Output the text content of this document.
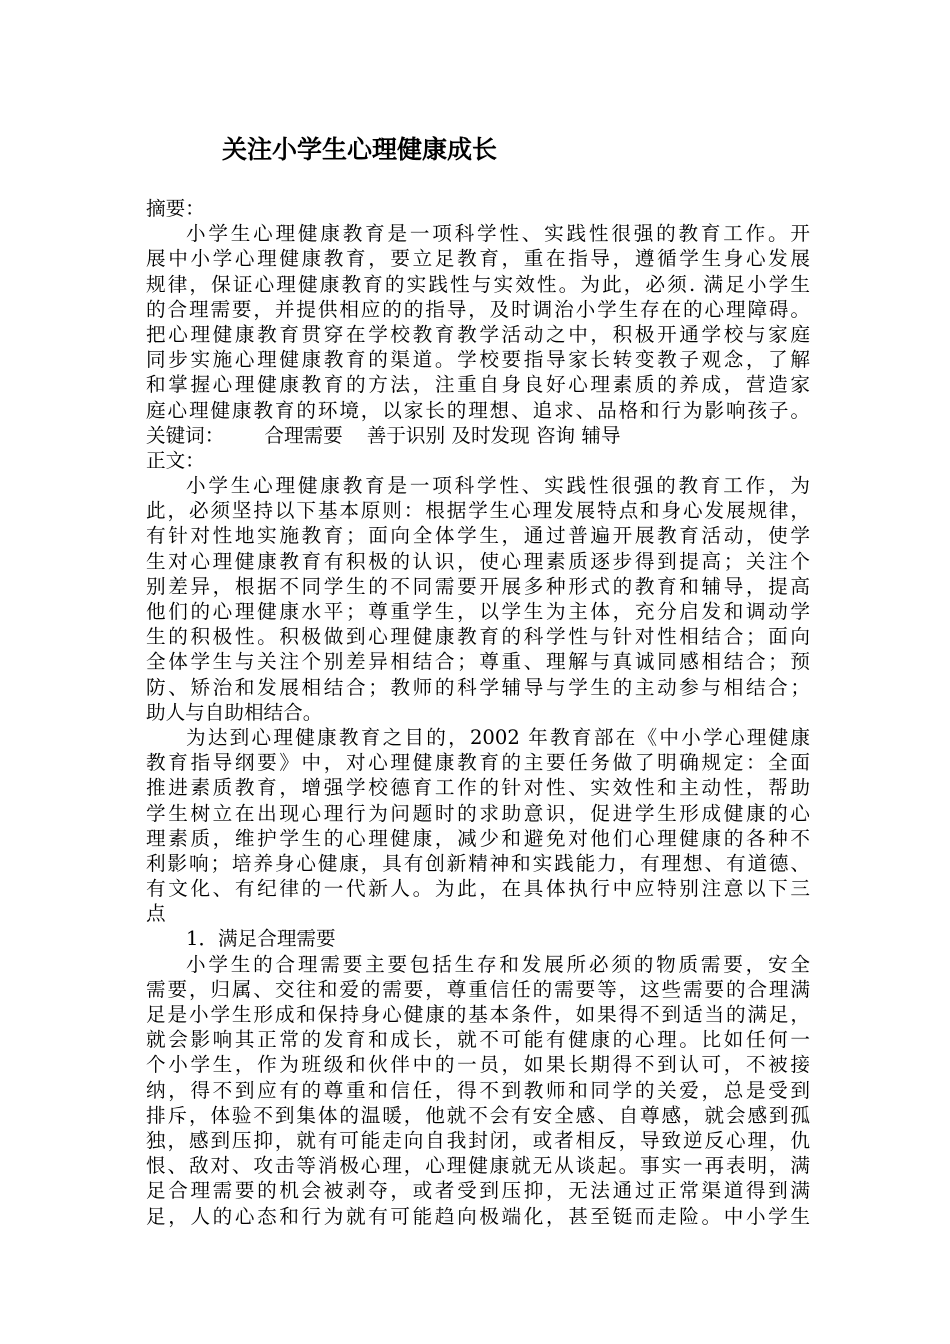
关注小学生心理健康成长
摘要：
小学生心理健康教育是一项科学性、实践性很强的教育工作。开
展中小学心理健康教育，要立足教育，重在指导，遵循学生身心发展
规律，保证心理健康教育的实践性与实效性。为此，必须. 满足小学生
的合理需要，并提供相应的的指导，及时调治小学生存在的心理障碍。
把心理健康教育贯穿在学校教育教学活动之中，积极开通学校与家庭
同步实施心理健康教育的渠道。学校要指导家长转变教子观念，了解
和掌握心理健康教育的方法，注重自身良好心理素质的养成，营造家
庭心理健康教育的环境，以家长的理想、追求、品格和行为影响孩子。
关键词： 合理需要 善于识别 及时发现 咨询 辅导
正文：
小学生心理健康教育是一项科学性、实践性很强的教育工作，为
此，必须坚持以下基本原则：根据学生心理发展特点和身心发展规律，
有针对性地实施教育；面向全体学生，通过普遍开展教育活动，使学
生对心理健康教育有积极的认识，使心理素质逐步得到提高；关注个
别差异，根据不同学生的不同需要开展多种形式的教育和辅导，提高
他们的心理健康水平；尊重学生，以学生为主体，充分启发和调动学
生的积极性。积极做到心理健康教育的科学性与针对性相结合；面向
全体学生与关注个别差异相结合；尊重、理解与真诚同感相结合；预
防、矫治和发展相结合；教师的科学辅导与学生的主动参与相结合；
助人与自助相结合。
为达到心理健康教育之目的，2002 年教育部在《中小学心理健康
教育指导纲要》中，对心理健康教育的主要任务做了明确规定：全面
推进素质教育，增强学校德育工作的针对性、实效性和主动性，帮助
学生树立在出现心理行为问题时的求助意识，促进学生形成健康的心
理素质，维护学生的心理健康，减少和避免对他们心理健康的各种不
利影响；培养身心健康，具有创新精神和实践能力，有理想、有道德、
有文化、有纪律的一代新人。为此，在具体执行中应特别注意以下三
点
1．满足合理需要
小学生的合理需要主要包括生存和发展所必须的物质需要，安全
需要，归属、交往和爱的需要，尊重信任的需要等，这些需要的合理满
足是小学生形成和保持身心健康的基本条件，如果得不到适当的满足，
就会影响其正常的发育和成长，就不可能有健康的心理。比如任何一
个小学生，作为班级和伙伴中的一员，如果长期得不到认可，不被接
纳，得不到应有的尊重和信任，得不到教师和同学的关爱，总是受到
排斥，体验不到集体的温暖，他就不会有安全感、自尊感，就会感到孤
独，感到压抑，就有可能走向自我封闭，或者相反，导致逆反心理，仇
恨、敌对、攻击等消极心理，心理健康就无从谈起。事实一再表明，满
足合理需要的机会被剥夺，或者受到压抑，无法通过正常渠道得到满
足，人的心态和行为就有可能趋向极端化，甚至铤而走险。中小学生
